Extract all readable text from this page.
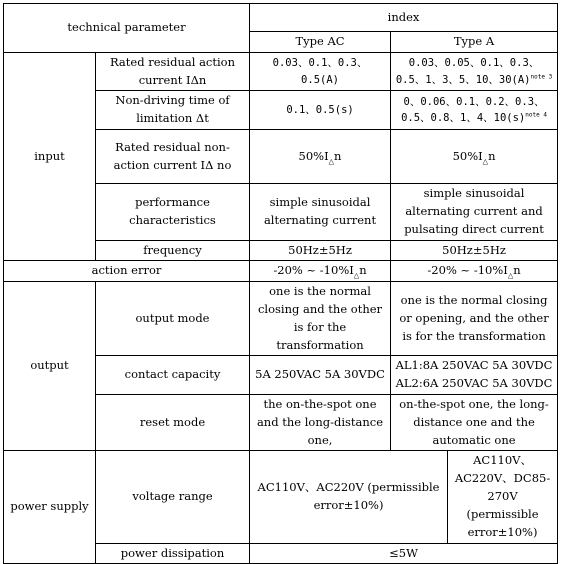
technical parameter		index		
		Type AC	Type A	
input	Rated residual action current IΔn	0.03、0.1、0.3、0.5(A)	0.03、0.05、0.1、0.3、0.5、1、3、5、10、$30(A)^{note 3}$
	Non-driving time of limitation Δt	0.1、0.5(s)	0、0.06、0.1、0.2、0.3、0.5、0.8、1、4、$10(s)^{note 4}$
	Rated residual non-action current IΔ no	$50\%I_\triangle n$	$50\%I_\triangle n$	
	performance characteristics	simple sinusoidal alternating current	simple sinusoidal alternating current and pulsating direct current	
	frequency	50Hz±5Hz	50Hz±5Hz	
action error		-20% ~ $-10\%I_\triangle n$	-20% ~ $-10\%I_\triangle n$	
output	output mode	one is the normal closing and the other is for the transformation	one is the normal closing or opening, and the other is for the transformation	
	contact capacity	5A 250VAC 5A 30VDC	AL1:8A 250VAC 5A 30VDC
AL2:6A 250VAC 5A 30VDC	

	reset mode	the on-the-spot one and the long-distance one,	on-the-spot one, the long-distance one and the automatic one	
power supply	voltage range	AC110V、AC220V (permissible error±10%)		AC110V、AC220V、DC85-270V (permissible error±10%)
	power dissipation	≤5W		
